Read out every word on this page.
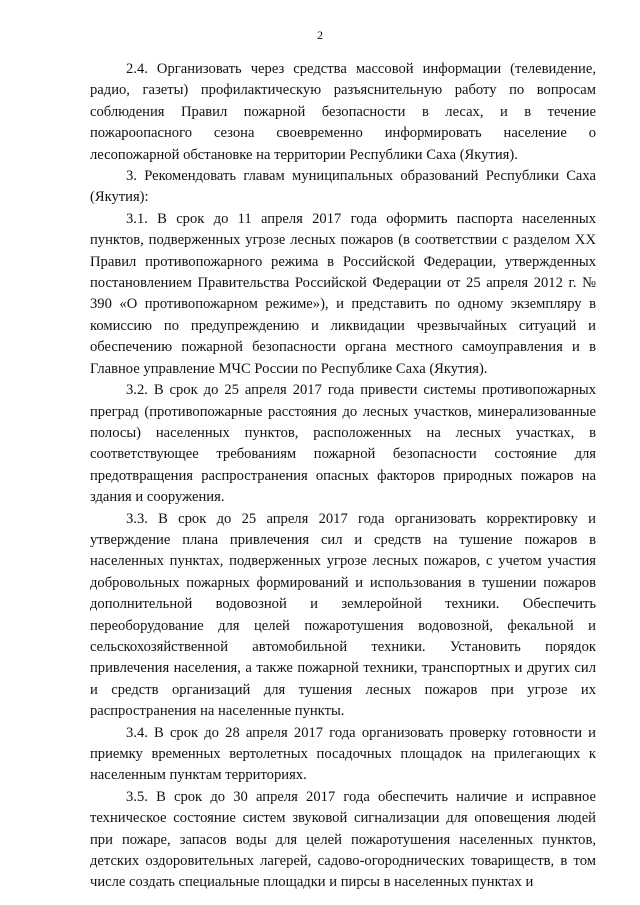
2

2.4. Организовать через средства массовой информации (телевидение, радио, газеты) профилактическую разъяснительную работу по вопросам соблюдения Правил пожарной безопасности в лесах, и в течение пожароопасного сезона своевременно информировать население о лесопожарной обстановке на территории Республики Саха (Якутия).

3. Рекомендовать главам муниципальных образований Республики Саха (Якутия):

3.1. В срок до 11 апреля 2017 года оформить паспорта населенных пунктов, подверженных угрозе лесных пожаров (в соответствии с разделом XX Правил противопожарного режима в Российской Федерации, утвержденных постановлением Правительства Российской Федерации от 25 апреля 2012 г. № 390 «О противопожарном режиме»), и представить по одному экземпляру в комиссию по предупреждению и ликвидации чрезвычайных ситуаций и обеспечению пожарной безопасности органа местного самоуправления и в Главное управление МЧС России по Республике Саха (Якутия).

3.2. В срок до 25 апреля 2017 года привести системы противопожарных преград (противопожарные расстояния до лесных участков, минерализованные полосы) населенных пунктов, расположенных на лесных участках, в соответствующее требованиям пожарной безопасности состояние для предотвращения распространения опасных факторов природных пожаров на здания и сооружения.

3.3. В срок до 25 апреля 2017 года организовать корректировку и утверждение плана привлечения сил и средств на тушение пожаров в населенных пунктах, подверженных угрозе лесных пожаров, с учетом участия добровольных пожарных формирований и использования в тушении пожаров дополнительной водовозной и землеройной техники. Обеспечить переоборудование для целей пожаротушения водовозной, фекальной и сельскохозяйственной автомобильной техники. Установить порядок привлечения населения, а также пожарной техники, транспортных и других сил и средств организаций для тушения лесных пожаров при угрозе их распространения на населенные пункты.

3.4. В срок до 28 апреля 2017 года организовать проверку готовности и приемку временных вертолетных посадочных площадок на прилегающих к населенным пунктам территориях.

3.5. В срок до 30 апреля 2017 года обеспечить наличие и исправное техническое состояние систем звуковой сигнализации для оповещения людей при пожаре, запасов воды для целей пожаротушения населенных пунктов, детских оздоровительных лагерей, садово-огороднических товариществ, в том числе создать специальные площадки и пирсы в населенных пунктах и
